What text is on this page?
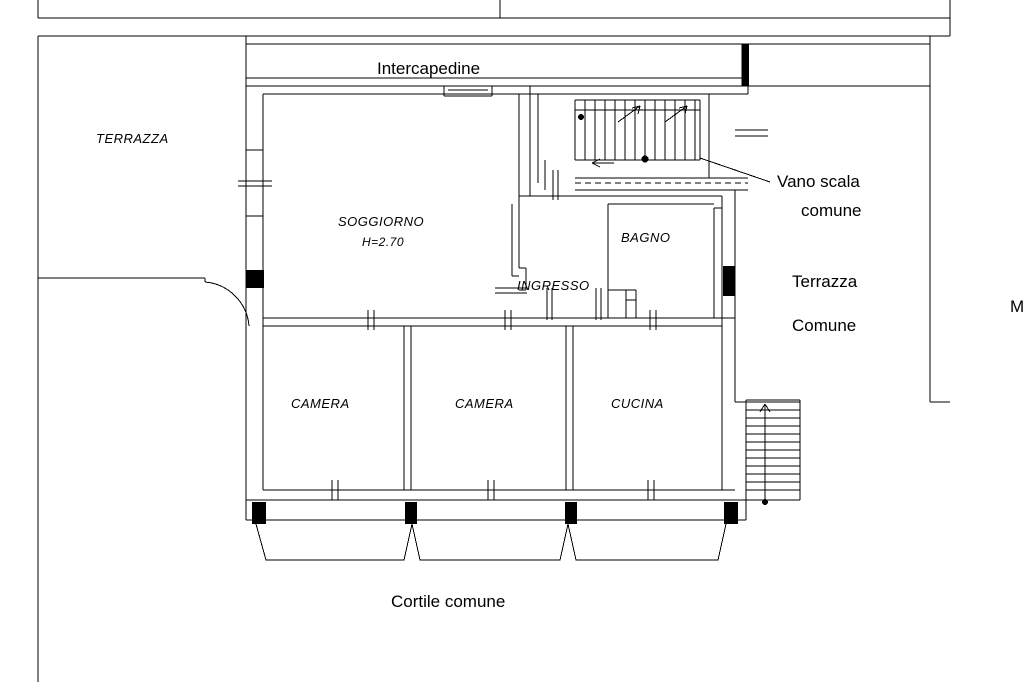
TERRAZZA
SOGGIORNO
H=2.70
INGRESSO
BAGNO
CAMERA	CAMERA	CUCINA
Intercapedine
Vano scala
comune
Terrazza
Comune
Cortile comune
M
